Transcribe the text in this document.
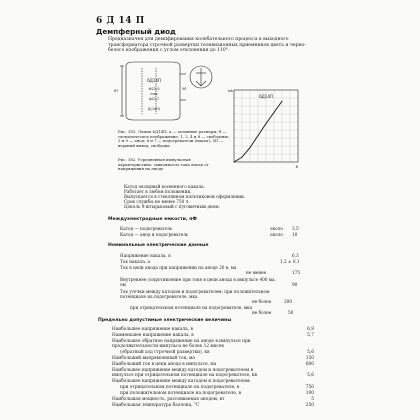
6 Д 14 П
Демпферный диод
Предназначен для демпфирования колебательного процесса в выходного трансформатора строчной развертки телевизионных приемников цвета и черно-белого изображения с углом отклонения до 110°.
6Д14П
Ф22,5
max
ф21,7
67	50
Д(14П)
Рис. 181. Лампа 6Д14П: а — основные размеры; б — схематическое изображение; 1, 2, 4 и 8 — свободные; 3 и 9 — анод; 6 и 7 — подогреватели (накал); 5П — верхний вывод, свободна.
6Д14П
В
мА
Рис. 182. Усредненная импульсная характеристика: зависимость тока анода от напряжения на аноде.
Катод оксидный косвенного накала.
Работает в любом положении.
Выпускается в стеклянном пальчиковом оформлении.
Срок службы не менее 750 ч.
Цоколь 9-штырьковый с пуговичным дном.
Междуэлектродные емкости, пФ
Катод — подогреватель	около 3,5
Катод — анод и подогреватель	около 10
Номинальные электрические данные
Напряжение накала, в	6,3
Ток накала, а	1,2 ± 0,1
Ток в цепи анода при напряжении на аноде 20 в, ма
не менее	175
Внутреннее сопротивление при токе в цепи анода в импульсе 400 ма, ом	90
Ток утечки между катодом и подогревателем: при положительном потенциале на подогревателе, мка
не более	200
при отрицательном потенциале на подогревателе, мка
не более	50
Предельно допустимые электрические величины
Наибольшее напряжение накала, в	6,9
Наименьшее напряжение накала, в	5,7
Наибольшее обратное напряжение на аноде в импульсе при продолжительности импульса не более 12 мксек
(обратный ход строчной развертки), кв	5,6
Наибольший выпрямленный ток, ма	150
Наибольший ток в цепи анода в импульсе, ма	600
Наибольшее напряжение между катодом и подогревателем в импульсе при отрицательном потенциале на подогревателе, кв	5,6
Наибольшее напряжение между катодом и подогревателем:
при отрицательном потенциале на подогревателе, в	750
при положительном потенциале на подогревателе, в	100
Наибольшая мощность, рассеиваемая анодом, вт	5
Наибольшая температура баллона, °С	250
